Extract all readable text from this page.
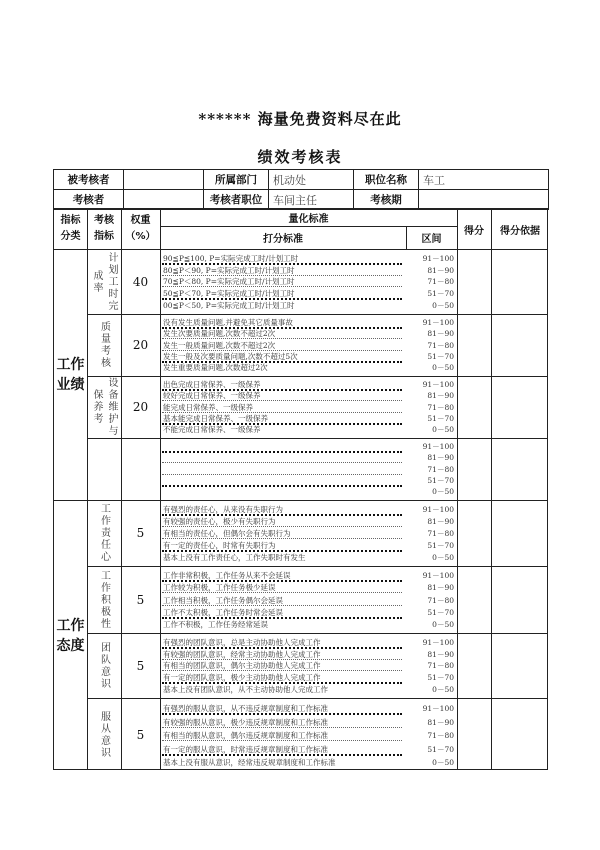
****** 海量免费资料尽在此
绩效考核表
被考核者		所属部门	机动处	职位名称	车工
考核者		考核者职位	车间主任	考核期	
指标分类
考核指标
权重（%）
量化标准
打分标准	区间
得分	得分依据
工作业绩
工作态度
计划工时完成率	40
90≦P≦100, P=实际完成工时/计划工时	91－100
80≦P＜90, P=实际完成工时/计划工时	81－90
70≦P＜80, P=实际完成工时/计划工时	71－80
50≦P＜70, P=实际完成工时/计划工时	51－70
00≦P＜50, P=实际完成工时/计划工时	0－50
质量考核	20
没有发生质量问题,并避免其它质量事故	91－100
发生次要质量问题,次数不超过2次	81－90
发生一般质量问题,次数不超过2次	71－80
发生一般及次要质量问题,次数不超过5次	51－70
发生重要质量问题,次数超过2次	0－50
设备维护与保养考	20
出色完成日常保养、一级保养	91－100
较好完成日常保养、一级保养	81－90
能完成日常保养、一级保养	71－80
基本能完成日常保养、一级保养	51－70
不能完成日常保养、一级保养	0－50
91－100
81－90
71－80
51－70
0－50
工作责任心	5
有强烈的责任心，从来没有失职行为	91－100
有较强的责任心，极少有失职行为	81－90
有相当的责任心，但偶尔会有失职行为	71－80
有一定的责任心，时常有失职行为	51－70
基本上没有工作责任心，工作失职时有发生	0－50
工作积极性	5
工作非常积极，工作任务从来不会延误	91－100
工作较为积极，工作任务极少延误	81－90
工作相当积极，工作任务偶尔会延误	71－80
工作不太积极，工作任务时常会延误	51－70
工作不积极，工作任务经常延误	0－50
团队意识	5
有强烈的团队意识，总是主动协助他人完成工作	91－100
有较强的团队意识，经常主动协助他人完成工作	81－90
有相当的团队意识，偶尔主动协助他人完成工作	71－80
有一定的团队意识，极少主动协助他人完成工作	51－70
基本上没有团队意识，从不主动协助他人完成工作	0－50
服从意识	5
有强烈的服从意识，从不违反规章制度和工作标准	91－100
有较强的服从意识，极少违反规章制度和工作标准	81－90
有相当的服从意识，偶尔违反规章制度和工作标准	71－80
有一定的服从意识，时常违反规章制度和工作标准	51－70
基本上没有服从意识，经常违反规章制度和工作标准	0－50
